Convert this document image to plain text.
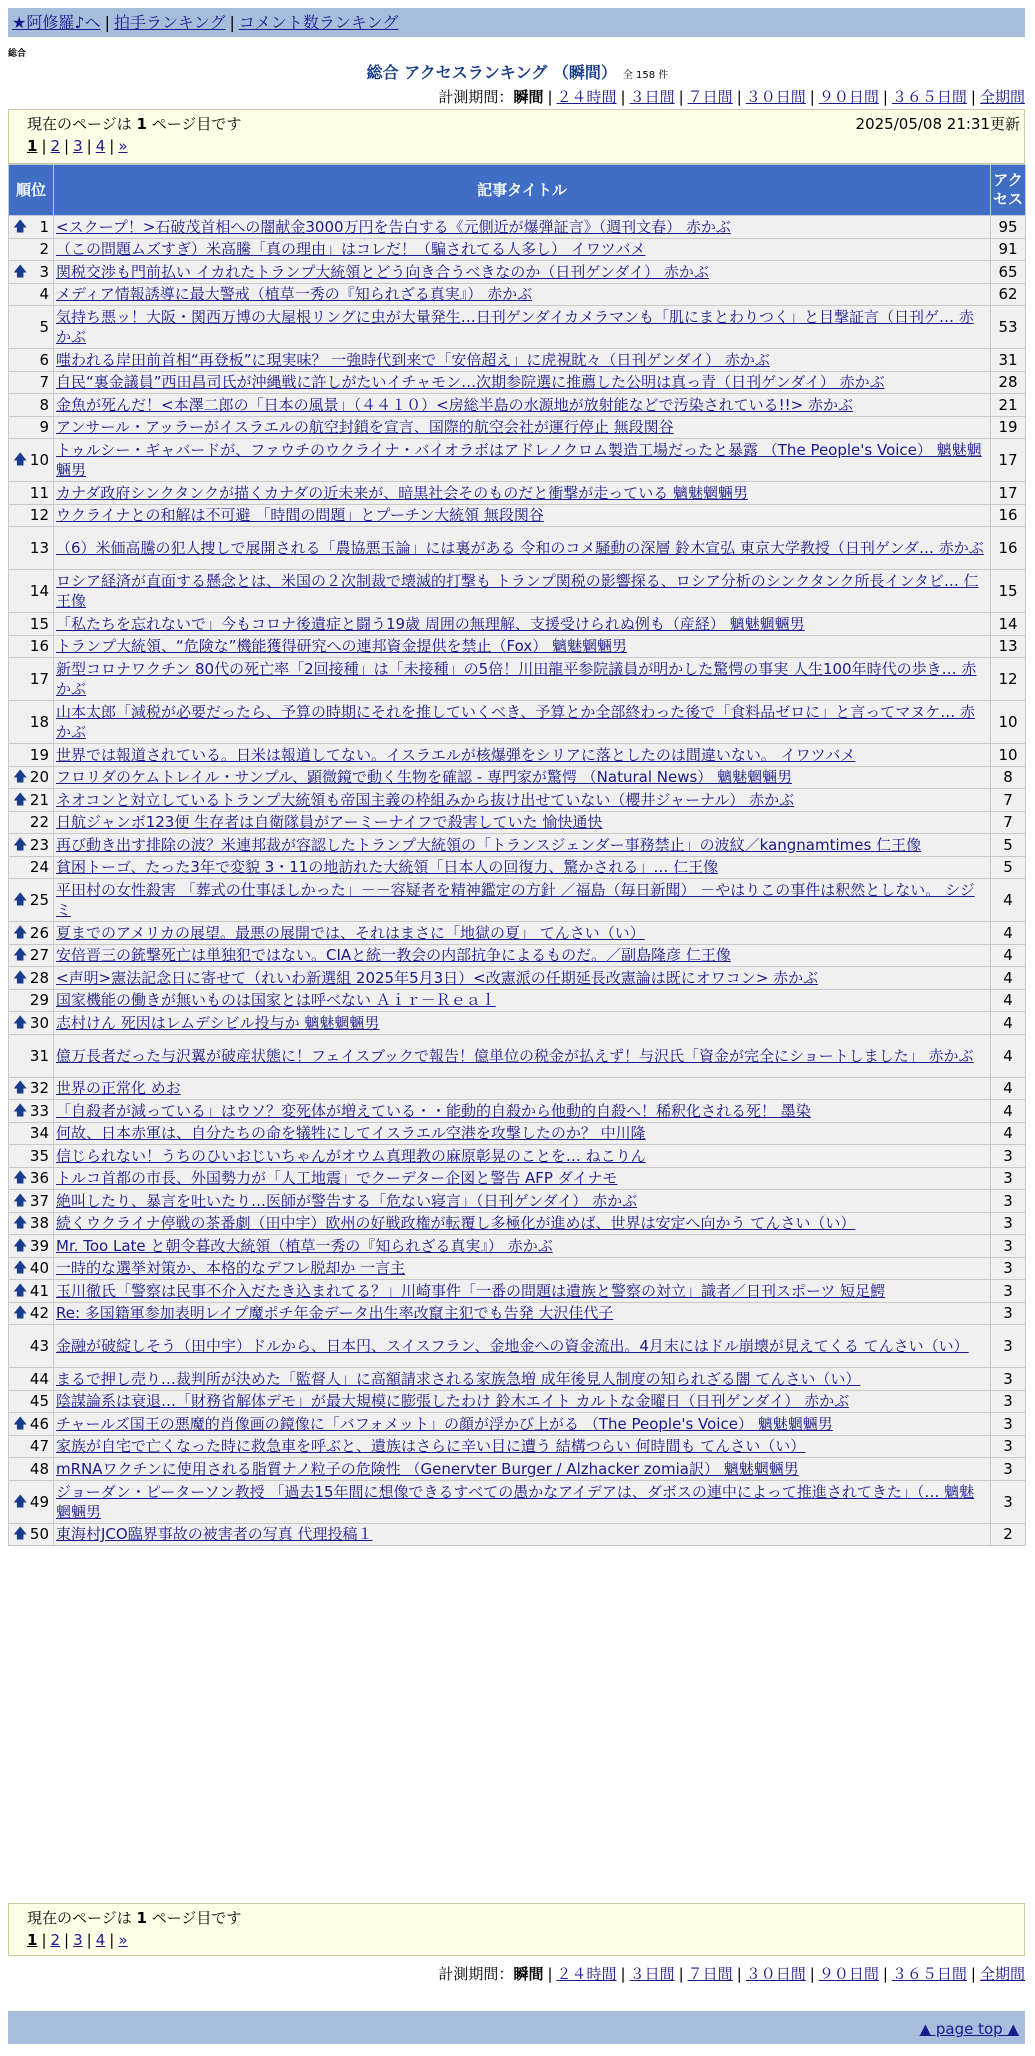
★阿修羅♪ヘ | 拍手ランキング | コメント数ランキング
総合
総合 アクセスランキング （瞬間） 全 158 件
計測期間：瞬間 | ２４時間 | ３日間 | ７日間 | ３０日間 | ９０日間 | ３６５日間 | 全期間
現在のページは 1 ページ目です	2025/05/08 21:31更新
1 | 2 | 3 | 4 | »
順位	記事タイトル	アクセス

🡅 1	<スクープ！>石破茂首相への闇献金3000万円を告白する《元側近が爆弾証言》（週刊文春） 赤かぶ	95
2	（この問題ムズすぎ）米高騰「真の理由」はコレだ！（騙されてる人多し） イワツバメ	91

🡅 3	関税交渉も門前払い イカれたトランプ大統領とどう向き合うべきなのか（日刊ゲンダイ） 赤かぶ	65
4	メディア情報誘導に最大警戒（植草一秀の『知られざる真実』） 赤かぶ	62
5	気持ち悪ッ！大阪・関西万博の大屋根リングに虫が大量発生…日刊ゲンダイカメラマンも「肌にまとわりつく」と目撃証言（日刊ゲ… 赤かぶ	53
6	嗤われる岸田前首相“再登板”に現実味？ 一強時代到来で「安倍超え」に虎視眈々（日刊ゲンダイ） 赤かぶ	31
7	自民“裏金議員”西田昌司氏が沖縄戦に許しがたいイチャモン…次期参院選に推薦した公明は真っ青（日刊ゲンダイ） 赤かぶ	28
8	金魚が死んだ！<本澤二郎の「日本の風景」（４４１０）<房総半島の水源地が放射能などで汚染されている!!> 赤かぶ	21
9	アンサール・アッラーがイスラエルの航空封鎖を宣言、国際的航空会社が運行停止 無段関谷	19

🡅 10	トゥルシー・ギャバードが、ファウチのウクライナ・バイオラボはアドレノクロム製造工場だったと暴露 （The People's Voice） 魑魅魍魎男	17
11	カナダ政府シンクタンクが描くカナダの近未来が、暗黒社会そのものだと衝撃が走っている 魑魅魍魎男	17
12	ウクライナとの和解は不可避 「時間の問題」とプーチン大統領 無段関谷	16
13	（6）米価高騰の犯人捜しで展開される「農協悪玉論」には裏がある 令和のコメ騒動の深層 鈴木宣弘 東京大学教授（日刊ゲンダ… 赤かぶ	16
14	ロシア経済が直面する懸念とは、米国の２次制裁で壊滅的打撃も トランプ関税の影響探る、ロシア分析のシンクタンク所長インタビ… 仁王像	15
15	「私たちを忘れないで」今もコロナ後遺症と闘う19歳 周囲の無理解、支援受けられぬ例も（産経） 魑魅魍魎男	14
16	トランプ大統領、“危険な”機能獲得研究への連邦資金提供を禁止（Fox） 魑魅魍魎男	13
17	新型コロナワクチン 80代の死亡率「2回接種」は「未接種」の5倍！川田龍平参院議員が明かした驚愕の事実 人生100年時代の歩き… 赤かぶ	12
18	山本太郎「減税が必要だったら、予算の時期にそれを推していくべき、予算とか全部終わった後で「食料品ゼロに」と言ってマヌケ… 赤かぶ	10
19	世界では報道されている。日米は報道してない。イスラエルが核爆弾をシリアに落としたのは間違いない。 イワツバメ	10

🡅 20	フロリダのケムトレイル・サンプル、顕微鏡で動く生物を確認 - 専門家が驚愕 （Natural News） 魑魅魍魎男	8

🡅 21	ネオコンと対立しているトランプ大統領も帝国主義の枠組みから抜け出せていない（櫻井ジャーナル） 赤かぶ	7
22	日航ジャンボ123便 生存者は自衛隊員がアーミーナイフで殺害していた 愉快通快	7

🡅 23	再び動き出す排除の波？米連邦裁が容認したトランプ大統領の「トランスジェンダー事務禁止」の波紋／kangnamtimes 仁王像	5
24	貧困トーゴ、たった3年で変貌 3・11の地訪れた大統領「日本人の回復力、驚かされる」… 仁王像	5

🡅 25	平田村の女性殺害 「葬式の仕事ほしかった」－－容疑者を精神鑑定の方針 ／福島（毎日新聞） －やはりこの事件は釈然としない。 シジミ	4

🡅 26	夏までのアメリカの展望。最悪の展開では、それはまさに「地獄の夏」 てんさい（い）	4

🡅 27	安倍晋三の銃撃死亡は単独犯ではない。CIAと統一教会の内部抗争によるものだ。／副島隆彦 仁王像	4

🡅 28	<声明>憲法記念日に寄せて（れいわ新選組 2025年5月3日）<改憲派の任期延長改憲論は既にオワコン> 赤かぶ	4
29	国家機能の働きが無いものは国家とは呼べない Ａｉｒ－Ｒｅａｌ	4

🡅 30	志村けん 死因はレムデシビル投与か 魑魅魍魎男	4
31	億万長者だった与沢翼が破産状態に！フェイスブックで報告！億単位の税金が払えず！与沢氏「資金が完全にショートしました」 赤かぶ	4

🡅 32	世界の正常化 めお	4

🡅 33	「自殺者が減っている」はウソ？変死体が増えている・・能動的自殺から他動的自殺へ！稀釈化される死！ 墨染	4
34	何故、日本赤軍は、自分たちの命を犠牲にしてイスラエル空港を攻撃したのか？ 中川隆	4
35	信じられない！うちのひいおじいちゃんがオウム真理教の麻原彰晃のことを… ねこりん	3

🡅 36	トルコ首都の市長、外国勢力が「人工地震」でクーデター企図と警告 AFP ダイナモ	3

🡅 37	絶叫したり、暴言を吐いたり…医師が警告する「危ない寝言」（日刊ゲンダイ） 赤かぶ	3

🡅 38	続くウクライナ停戦の茶番劇（田中宇）欧州の好戦政権が転覆し多極化が進めば、世界は安定へ向かう てんさい（い）	3

🡅 39	Mr. Too Late と朝令暮改大統領（植草一秀の『知られざる真実』） 赤かぶ	3

🡅 40	一時的な選挙対策か、本格的なデフレ脱却か 一言主	3

🡅 41	玉川徹氏「警察は民事不介入だたき込まれてる？」川崎事件「一番の問題は遺族と警察の対立」識者／日刊スポーツ 短足鰐	3

🡅 42	Re: 多国籍軍参加表明レイプ魔ポチ年金データ出生率改竄主犯でも告発 大沢佳代子	3
43	金融が破綻しそう（田中宇）ドルから、日本円、スイスフラン、金地金への資金流出。4月末にはドル崩壊が見えてくる てんさい（い）	3
44	まるで押し売り…裁判所が決めた「監督人」に高額請求される家族急増 成年後見人制度の知られざる闇 てんさい（い）	3
45	陰謀論系は衰退…「財務省解体デモ」が最大規模に膨張したわけ 鈴木エイト カルトな金曜日（日刊ゲンダイ） 赤かぶ	3

🡅 46	チャールズ国王の悪魔的肖像画の鏡像に「バフォメット」の顔が浮かび上がる （The People's Voice） 魑魅魍魎男	3
47	家族が自宅で亡くなった時に救急車を呼ぶと、遺族はさらに辛い目に遭う 結構つらい 何時間も てんさい（い）	3
48	mRNAワクチンに使用される脂質ナノ粒子の危険性 （Genervter Burger / Alzhacker zomia訳） 魑魅魍魎男	3

🡅 49	ジョーダン・ピーターソン教授 「過去15年間に想像できるすべての愚かなアイデアは、ダボスの連中によって推進されてきた」（… 魑魅魍魎男	3

🡅 50	東海村JCO臨界事故の被害者の写真 代理投稿１	2
現在のページは 1 ページ目です
1 | 2 | 3 | 4 | »
計測期間：瞬間 | ２４時間 | ３日間 | ７日間 | ３０日間 | ９０日間 | ３６５日間 | 全期間
▲ page top ▲
